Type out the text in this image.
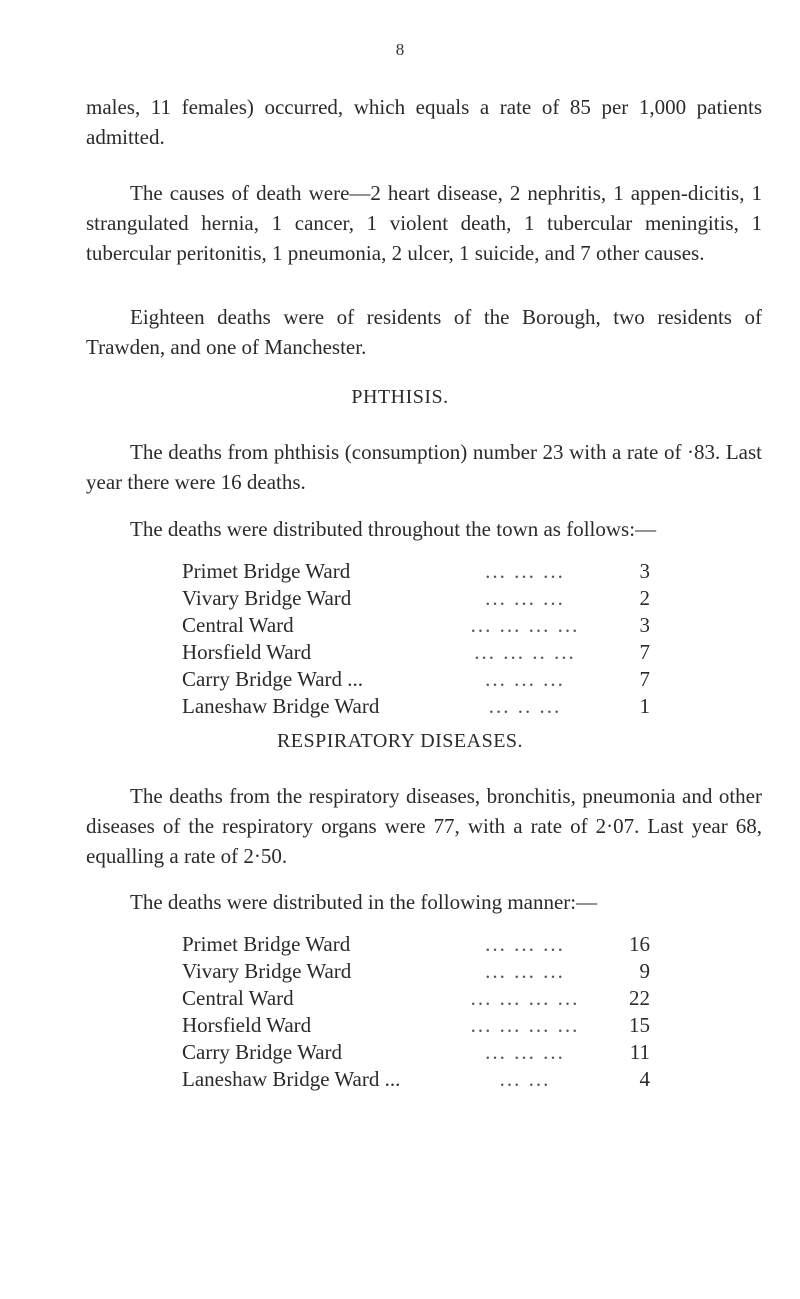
8

males, 11 females) occurred, which equals a rate of 85 per 1,000 patients admitted.

The causes of death were—2 heart disease, 2 nephritis, 1 appen-dicitis, 1 strangulated hernia, 1 cancer, 1 violent death, 1 tubercular meningitis, 1 tubercular peritonitis, 1 pneumonia, 2 ulcer, 1 suicide, and 7 other causes.

Eighteen deaths were of residents of the Borough, two residents of Trawden, and one of Manchester.

PHTHISIS.

The deaths from phthisis (consumption) number 23 with a rate of ·83. Last year there were 16 deaths.

The deaths were distributed throughout the town as follows:—

Primet Bridge Ward	... ... ...	3
Vivary Bridge Ward	... ... ...	2
Central Ward	... ... ... ...	3
Horsfield Ward	... ... .. ...	7
Carry Bridge Ward ...	... ... ...	7
Laneshaw Bridge Ward	... .. ...	1
RESPIRATORY DISEASES.

The deaths from the respiratory diseases, bronchitis, pneumonia and other diseases of the respiratory organs were 77, with a rate of 2·07. Last year 68, equalling a rate of 2·50.

The deaths were distributed in the following manner:—

Primet Bridge Ward	... ... ...	16
Vivary Bridge Ward	... ... ...	9
Central Ward	... ... ... ...	22
Horsfield Ward	... ... ... ...	15
Carry Bridge Ward	... ... ...	11
Laneshaw Bridge Ward ...	... ...	4
